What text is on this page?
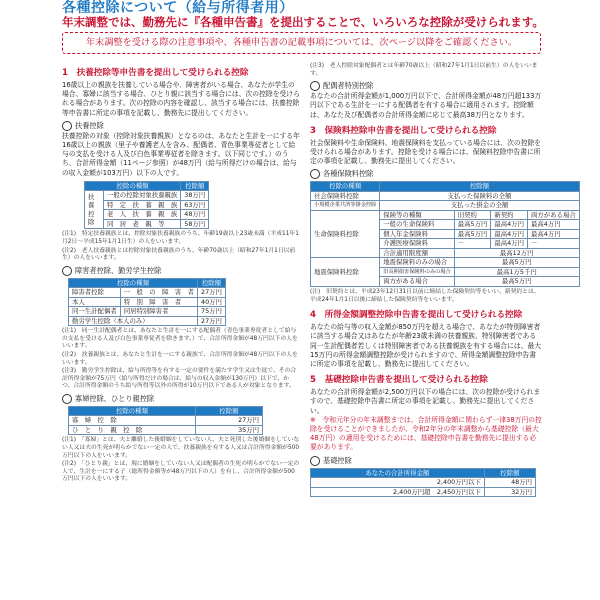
各種控除について（給与所得者用）
年末調整では、勤務先に『各種申告書』を提出することで、いろいろな控除が受けられます。
年末調整を受ける際の注意事項や、各種申告書の記載事項については、次ページ以降をご確認ください。
1　扶養控除等申告書を提出して受けられる控除

16歳以上の親族を扶養している場合や、障害者がいる場合、あなたが学生の場合、寡婦に該当する場合、ひとり親に該当する場合には、次の控除を受けられる場合があります。次の控除の内容を確認し、該当する場合には、扶養控除等申告書に所定の事項を記載し、勤務先に提出してください。

扶養控除

扶養控除の対象（控除対象扶養親族）となるのは、あなたと生計を一にする年16歳以上の親族（里子や養護老人を含み、配偶者、青色事業専従者として給与の支払を受ける人及び白色事業専従者を除きます。以下同じです。）のうち、合計所得金額（11ページ参照）が48万円（給与所得だけの場合は、給与の収入金額が103万円）以下の人です。

控除の種類		控除額
扶養控除	一般の控除対象扶養親族	38万円
	特　定　扶　養　親　族	63万円
	老　人　扶　養　親　族	48万円
	同　居　老　親　等	58万円

(注1)　特定扶養親族とは、控除対象扶養親族のうち、年齢19歳以上23歳未満（平成11年1月2日～平成15年1月1日生）の人をいいます。

(注2)　老人扶養親族とは控除対象扶養親族のうち、年齢70歳以上（昭和27年1月1日以前生）の人をいいます。

障害者控除、勤労学生控除
控除の種類		控除額
障害者控除	一　般　の　障　害　者	27万円
本人	特　別　障　害　者	40万円
同一生計配偶者	同居特別障害者	75万円
勤労学生控除（本人のみ）		27万円

(注1)　同一生計配偶者とは、あなたと生計を一にする配偶者（青色事業専従者として給与の支払を受ける人及び白色事業専従者を除きます。）で、合計所得金額が48万円以下の人をいいます。

(注2)　扶養親族とは、あなたと生計を一にする親族で、合計所得金額が48万円以下の人をいいます。

(注3)　勤労学生控除は、給与所得等を有する一定の要件を満たす学生又は生徒で、その合計所得金額が75万円（給与所得だけの場合は、給与の収入金額が130万円）以下で、かつ、合計所得金額のうち給与所得等以外の所得が10万円以下である人が対象となります。

寡婦控除、ひとり親控除
控除の種類	控除額
寡　婦　控　除	27万円
ひ　と　り　親　控　除	35万円

(注1)　「寡婦」とは、夫と離婚した後婚姻をしていない人、夫と死別した後婚姻をしていない人又は夫の生死が明らかでない一定の人で、扶養親族を有する人又は合計所得金額が500万円以下の人をいいます。

(注2)　「ひとり親」とは、現に婚姻をしていない人又は配偶者の生死の明らかでない一定の人で、生計を一にする子（総所得金額等が48万円以下の人）を有し、合計所得金額が500万円以下の人をいいます。

(注3)　老人控除対象配偶者とは年齢70歳以上（昭和27年1月1日以前生）の人をいいます。

配偶者特別控除

あなたの合計所得金額が1,000万円以下で、合計所得金額が48万円超133万円以下である生計を一にする配偶者を有する場合に適用されます。控除額は、あなた及び配偶者の合計所得金額に応じて最高38万円となります。

3　保険料控除申告書を提出して受けられる控除

社会保険料や生命保険料、地震保険料を支払っている場合には、次の控除を受けられる場合があります。控除を受ける場合には、保険料控除申告書に所定の事項を記載し、勤務先に提出してください。

各種保険料控除
控除の種類	控除額			
社会保険料控除	支払った保険料の全額			
小規模企業共済等掛金控除	支払った掛金の全額			
生命保険料控除	保険等の種類	旧契約	新契約	両方がある場合
	一般の生命保険料	最高5万円	最高4万円	最高4万円
	個人年金保険料	最高5万円	最高4万円	最高4万円
	介護医療保険料	－	最高4万円	－
	合計適用限度額	最高12万円		
地震保険料控除	地震保険料のみの場合	最高5万円		
	旧長期損害保険料のみの場合	最高1万5千円		
	両方がある場合	最高5万円		

(注)　旧契約とは、平成23年12月31日以前に締結した保険契約等をいい、新契約とは、平成24年1月1日以後に締結した保険契約等をいいます。

4　所得金額調整控除申告書を提出して受けられる控除

あなたの給与等の収入金額が850万円を超える場合で、あなたが特別障害者に該当する場合又はあなたが年齢23歳未満の扶養親族、特別障害者である同一生計配偶者若しくは特別障害者である扶養親族を有する場合には、最大15万円の所得金額調整控除が受けられますので、所得金額調整控除申告書に所定の事項を記載し、勤務先に提出してください。

5　基礎控除申告書を提出して受けられる控除

あなたの合計所得金額が2,500万円以下の場合には、次の控除が受けられますので、基礎控除申告書に所定の事項を記載し、勤務先に提出してください。

※　令和元年分の年末調整までは、合計所得金額に関わらず一律38万円の控除を受けることができましたが、令和2年分の年末調整から基礎控除（最大48万円）の適用を受けるためには、基礎控除申告書を勤務先に提出する必要があります。

基礎控除
あなたの合計所得金額	控除額
2,400万円以下	48万円
2,400万円超　2,450万円以下	32万円
